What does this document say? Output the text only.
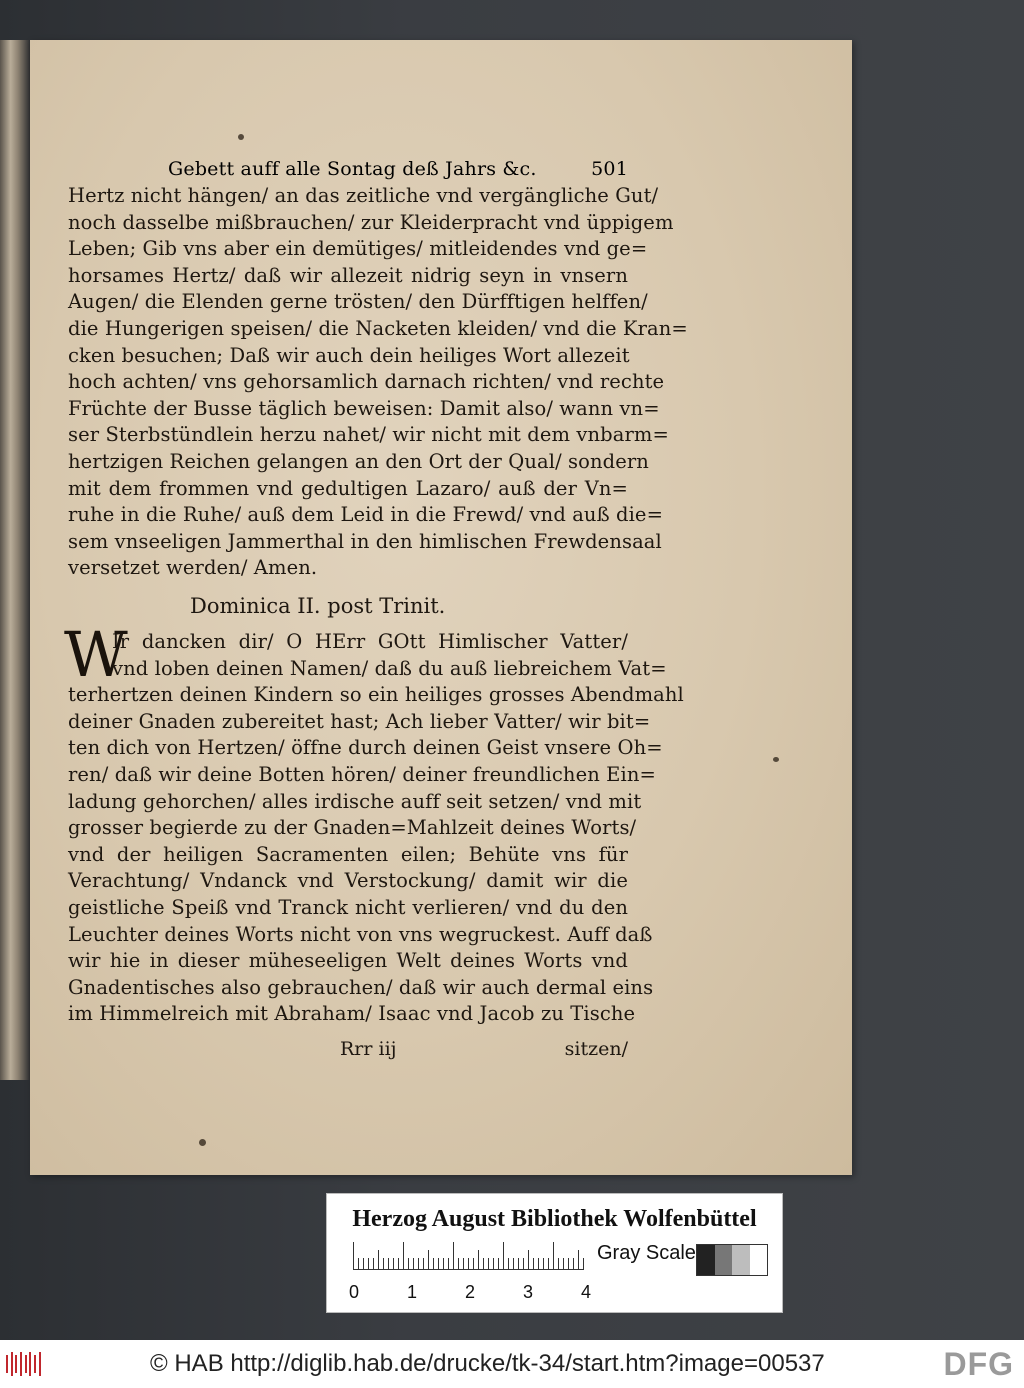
Gebett auff alle Sontag deß Jahrs &c.	501
Hertz nicht hängen/ an das zeitliche vnd vergängliche Gut/
noch dasselbe mißbrauchen/ zur Kleiderpracht vnd üppigem
Leben; Gib vns aber ein demütiges/ mitleidendes vnd ge=
horsames Hertz/ daß wir allezeit nidrig seyn in vnsern
Augen/ die Elenden gerne trösten/ den Dürfftigen helffen/
die Hungerigen speisen/ die Nacketen kleiden/ vnd die Kran=
cken besuchen; Daß wir auch dein heiliges Wort allezeit
hoch achten/ vns gehorsamlich darnach richten/ vnd rechte
Früchte der Busse täglich beweisen: Damit also/ wann vn=
ser Sterbstündlein herzu nahet/ wir nicht mit dem vnbarm=
hertzigen Reichen gelangen an den Ort der Qual/ sondern
mit dem frommen vnd gedultigen Lazaro/ auß der Vn=
ruhe in die Ruhe/ auß dem Leid in die Frewd/ vnd auß die=
sem vnseeligen Jammerthal in den himlischen Frewdensaal
versetzet werden/ Amen.
Dominica II. post Trinit.
W
Ir dancken dir/ O HErr GOtt Himlischer Vatter/
vnd loben deinen Namen/ daß du auß liebreichem Vat=
terhertzen deinen Kindern so ein heiliges grosses Abendmahl
deiner Gnaden zubereitet hast; Ach lieber Vatter/ wir bit=
ten dich von Hertzen/ öffne durch deinen Geist vnsere Oh=
ren/ daß wir deine Botten hören/ deiner freundlichen Ein=
ladung gehorchen/ alles irdische auff seit setzen/ vnd mit
grosser begierde zu der Gnaden=Mahlzeit deines Worts/
vnd der heiligen Sacramenten eilen; Behüte vns für
Verachtung/ Vndanck vnd Verstockung/ damit wir die
geistliche Speiß vnd Tranck nicht verlieren/ vnd du den
Leuchter deines Worts nicht von vns wegruckest. Auff daß
wir hie in dieser müheseeligen Welt deines Worts vnd
Gnadentisches also gebrauchen/ daß wir auch dermal eins
im Himmelreich mit Abraham/ Isaac vnd Jacob zu Tische
Rrr iij	sitzen/
Herzog August Bibliothek Wolfenbüttel
0	1	2	3	4
Gray Scale
© HAB http://diglib.hab.de/drucke/tk-34/start.htm?image=00537	DFG
